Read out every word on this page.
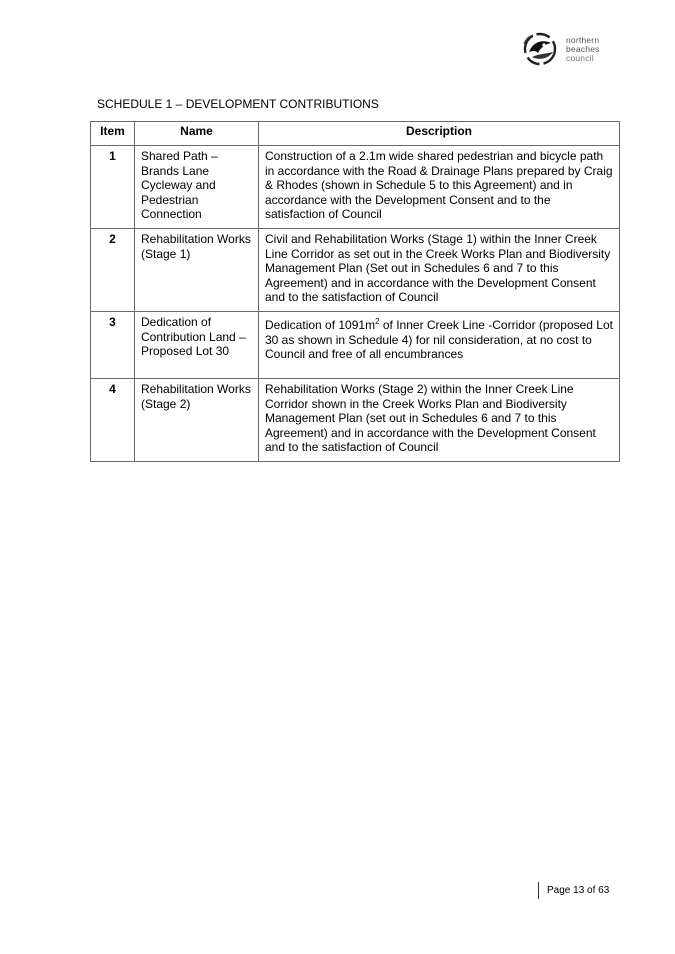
northern
beaches
council
SCHEDULE 1 – DEVELOPMENT CONTRIBUTIONS
Item	Name	Description
1	Shared Path – Brands Lane Cycleway and Pedestrian Connection	Construction of a 2.1m wide shared pedestrian and bicycle path in accordance with the Road & Drainage Plans prepared by Craig & Rhodes (shown in Schedule 5 to this Agreement) and in accordance with the Development Consent and to the satisfaction of Council
2	Rehabilitation Works (Stage 1)	Civil and Rehabilitation Works (Stage 1) within the Inner Creek Line Corridor as set out in the Creek Works Plan and Biodiversity Management Plan (Set out in Schedules 6 and 7 to this Agreement) and in accordance with the Development Consent and to the satisfaction of Council
3	Dedication of Contribution Land – Proposed Lot 30	Dedication of $1091m^2$ of Inner Creek Line -Corridor (proposed Lot 30 as shown in Schedule 4) for nil consideration, at no cost to Council and free of all encumbrances
4	Rehabilitation Works (Stage 2)	Rehabilitation Works (Stage 2) within the Inner Creek Line Corridor shown in the Creek Works Plan and Biodiversity Management Plan (set out in Schedules 6 and 7 to this Agreement) and in accordance with the Development Consent and to the satisfaction of Council
Page 13 of 63
